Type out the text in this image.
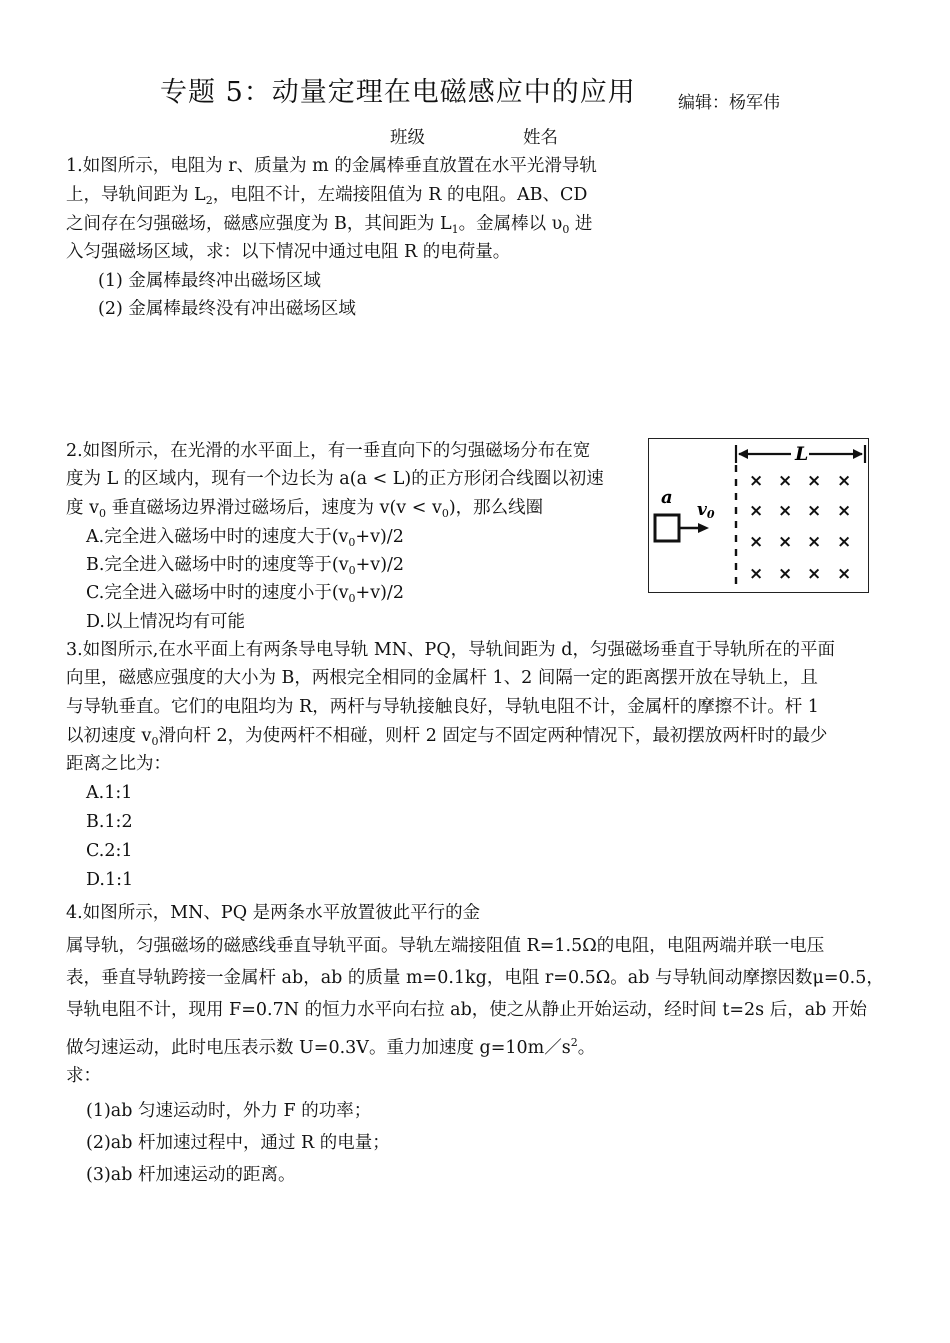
专题 5：动量定理在电磁感应中的应用 编辑：杨军伟
班级	姓名
1.如图所示，电阻为 r、质量为 m 的金属棒垂直放置在水平光滑导轨
上，导轨间距为 $L_2$，电阻不计，左端接阻值为 R 的电阻。AB、CD
之间存在匀强磁场，磁感应强度为 B，其间距为 $L_1$。金属棒以 $\upsilon_0$ 进
入匀强磁场区域，求：以下情况中通过电阻 R 的电荷量。
(1) 金属棒最终冲出磁场区域
(2) 金属棒最终没有冲出磁场区域
2.如图所示，在光滑的水平面上，有一垂直向下的匀强磁场分布在宽
度为 L 的区域内，现有一个边长为 a(a < L)的正方形闭合线圈以初速
度 $v_0$ 垂直磁场边界滑过磁场后，速度为 $v(v < v_0)$，那么线圈
A.完全进入磁场中时的速度大于$(v_0+v)/2$
B.完全进入磁场中时的速度等于$(v_0+v)/2$
C.完全进入磁场中时的速度小于$(v_0+v)/2$
D.以上情况均有可能
L
× × × ×
× × × ×
× × × ×
× × × ×
a
v0
3.如图所示,在水平面上有两条导电导轨 MN、PQ，导轨间距为 d，匀强磁场垂直于导轨所在的平面
向里，磁感应强度的大小为 B，两根完全相同的金属杆 1、2 间隔一定的距离摆开放在导轨上，且
与导轨垂直。它们的电阻均为 R，两杆与导轨接触良好，导轨电阻不计，金属杆的摩擦不计。杆 1
以初速度 $v_0$滑向杆 2，为使两杆不相碰，则杆 2 固定与不固定两种情况下，最初摆放两杆时的最少
距离之比为：
A.1:1
B.1:2
C.2:1
D.1:1
4.如图所示，MN、PQ 是两条水平放置彼此平行的金
属导轨，匀强磁场的磁感线垂直导轨平面。导轨左端接阻值 R=1.5Ω的电阻，电阻两端并联一电压
表，垂直导轨跨接一金属杆 ab，ab 的质量 m=0.1kg，电阻 r=0.5Ω。ab 与导轨间动摩擦因数μ=0.5，
导轨电阻不计，现用 F=0.7N 的恒力水平向右拉 ab，使之从静止开始运动，经时间 t=2s 后，ab 开始
做匀速运动，此时电压表示数 U=0.3V。重力加速度 $g=10m/s^2$。
求：
(1)ab 匀速运动时，外力 F 的功率；
(2)ab 杆加速过程中，通过 R 的电量；
(3)ab 杆加速运动的距离。
